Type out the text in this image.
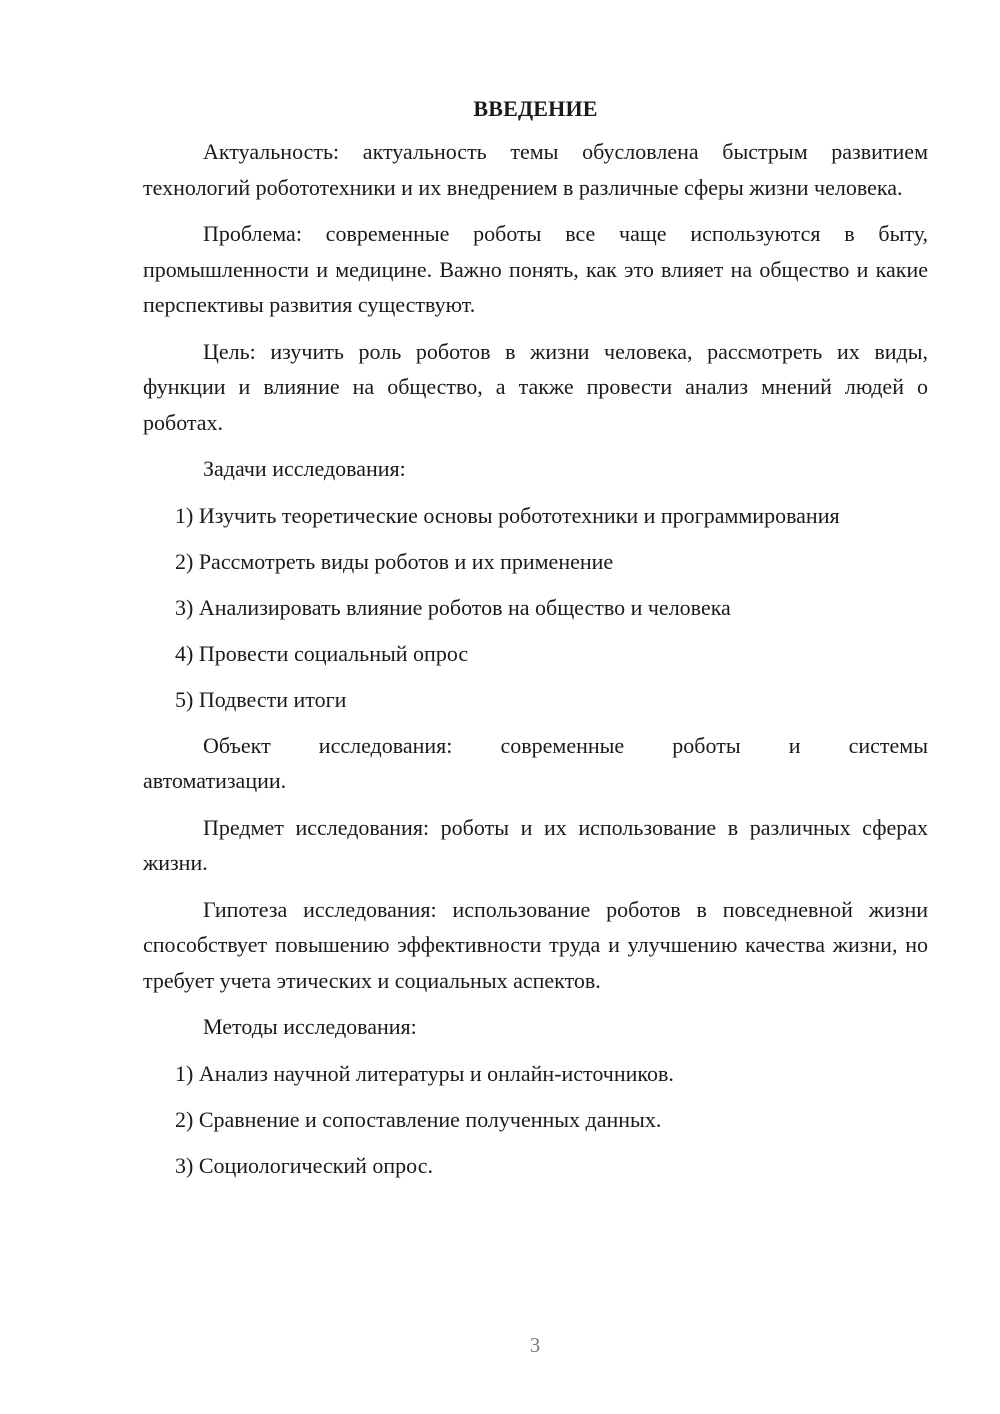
ВВЕДЕНИЕ

Актуальность: актуальность темы обусловлена быстрым развитием технологий робототехники и их внедрением в различные сферы жизни человека.

Проблема: современные роботы все чаще используются в быту, промышленности и медицине. Важно понять, как это влияет на общество и какие перспективы развития существуют.

Цель: изучить роль роботов в жизни человека, рассмотреть их виды, функции и влияние на общество, а также провести анализ мнений людей о роботах.

Задачи исследования:

1) Изучить теоретические основы робототехники и программирования
2) Рассмотреть виды роботов и их применение
3) Анализировать влияние роботов на общество и человека
4) Провести социальный опрос
5) Подвести итоги
Объект исследования: современные роботы и системы
автоматизации.

Предмет исследования: роботы и их использование в различных сферах жизни.

Гипотеза исследования: использование роботов в повседневной жизни способствует повышению эффективности труда и улучшению качества жизни, но требует учета этических и социальных аспектов.

Методы исследования:

1) Анализ научной литературы и онлайн-источников.
2) Сравнение и сопоставление полученных данных.
3) Социологический опрос.
3
